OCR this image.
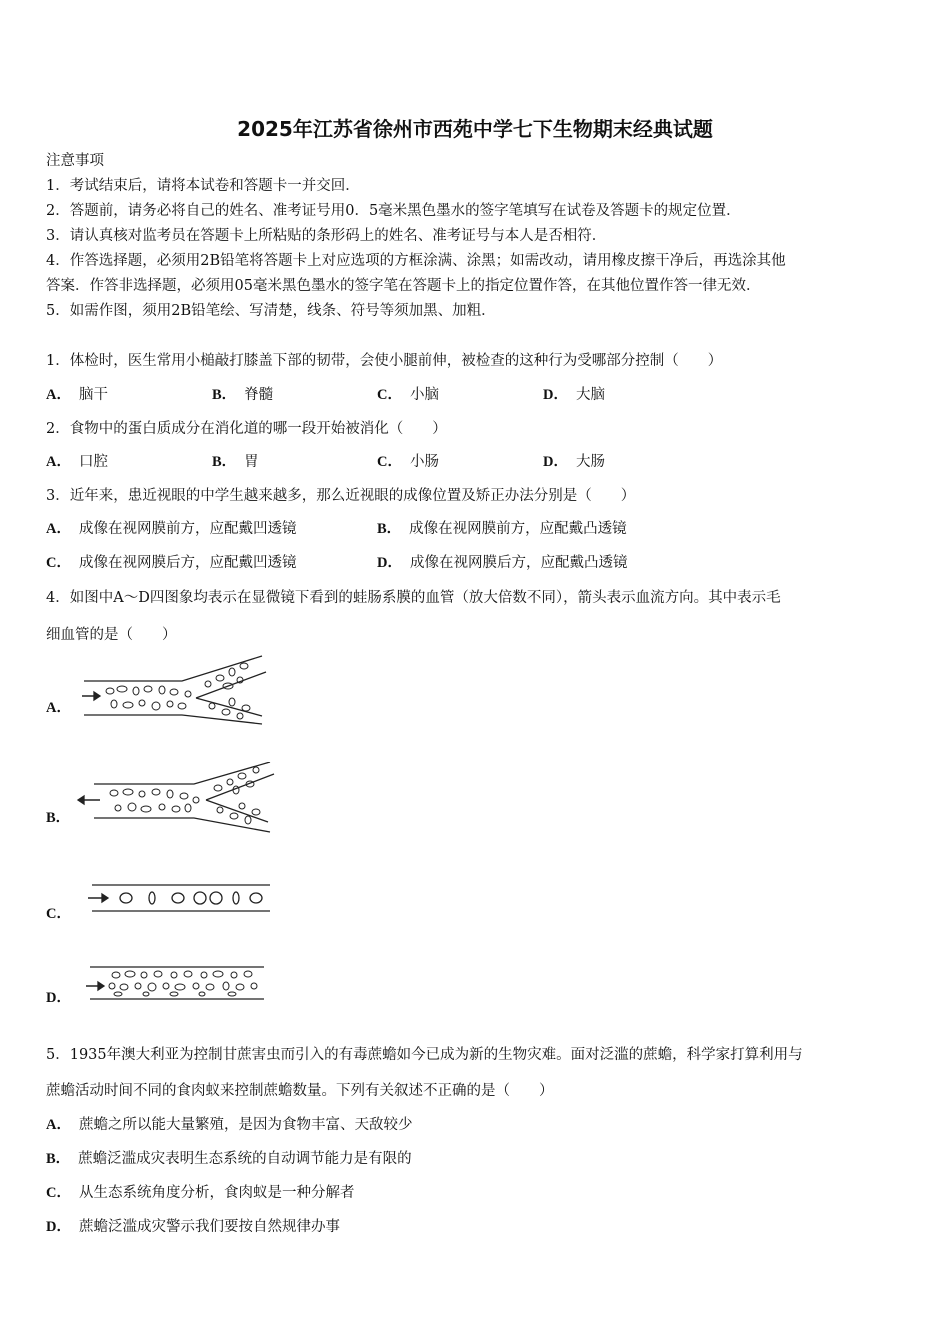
2025年江苏省徐州市西苑中学七下生物期末经典试题
注意事项
1．考试结束后，请将本试卷和答题卡一并交回．
2．答题前，请务必将自己的姓名、准考证号用0．5毫米黑色墨水的签字笔填写在试卷及答题卡的规定位置．
3．请认真核对监考员在答题卡上所粘贴的条形码上的姓名、准考证号与本人是否相符．
4．作答选择题，必须用2B铅笔将答题卡上对应选项的方框涂满、涂黑；如需改动，请用橡皮擦干净后，再选涂其他
答案．作答非选择题，必须用05毫米黑色墨水的签字笔在答题卡上的指定位置作答，在其他位置作答一律无效．
5．如需作图，须用2B铅笔绘、写清楚，线条、符号等须加黑、加粗．
1．体检时，医生常用小槌敲打膝盖下部的韧带，会使小腿前伸，被检查的这种行为受哪部分控制（　　）
A． 脑干	B． 脊髓	C． 小脑	D． 大脑
2．食物中的蛋白质成分在消化道的哪一段开始被消化（　　）
A． 口腔	B． 胃	C． 小肠	D． 大肠
3．近年来，患近视眼的中学生越来越多，那么近视眼的成像位置及矫正办法分别是（　　）
A． 成像在视网膜前方，应配戴凹透镜	B． 成像在视网膜前方，应配戴凸透镜
C． 成像在视网膜后方，应配戴凹透镜	D． 成像在视网膜后方，应配戴凸透镜
4．如图中A～D四图象均表示在显微镜下看到的蛙肠系膜的血管（放大倍数不同），箭头表示血流方向。其中表示毛
细血管的是（　　）
A．
B．
C．
D．
5．1935年澳大利亚为控制甘蔗害虫而引入的有毒蔗蟾如今已成为新的生物灾难。面对泛滥的蔗蟾，科学家打算利用与
蔗蟾活动时间不同的食肉蚁来控制蔗蟾数量。下列有关叙述不正确的是（　　）
A． 蔗蟾之所以能大量繁殖，是因为食物丰富、天敌较少
B． 蔗蟾泛滥成灾表明生态系统的自动调节能力是有限的
C． 从生态系统角度分析，食肉蚁是一种分解者
D． 蔗蟾泛滥成灾警示我们要按自然规律办事
